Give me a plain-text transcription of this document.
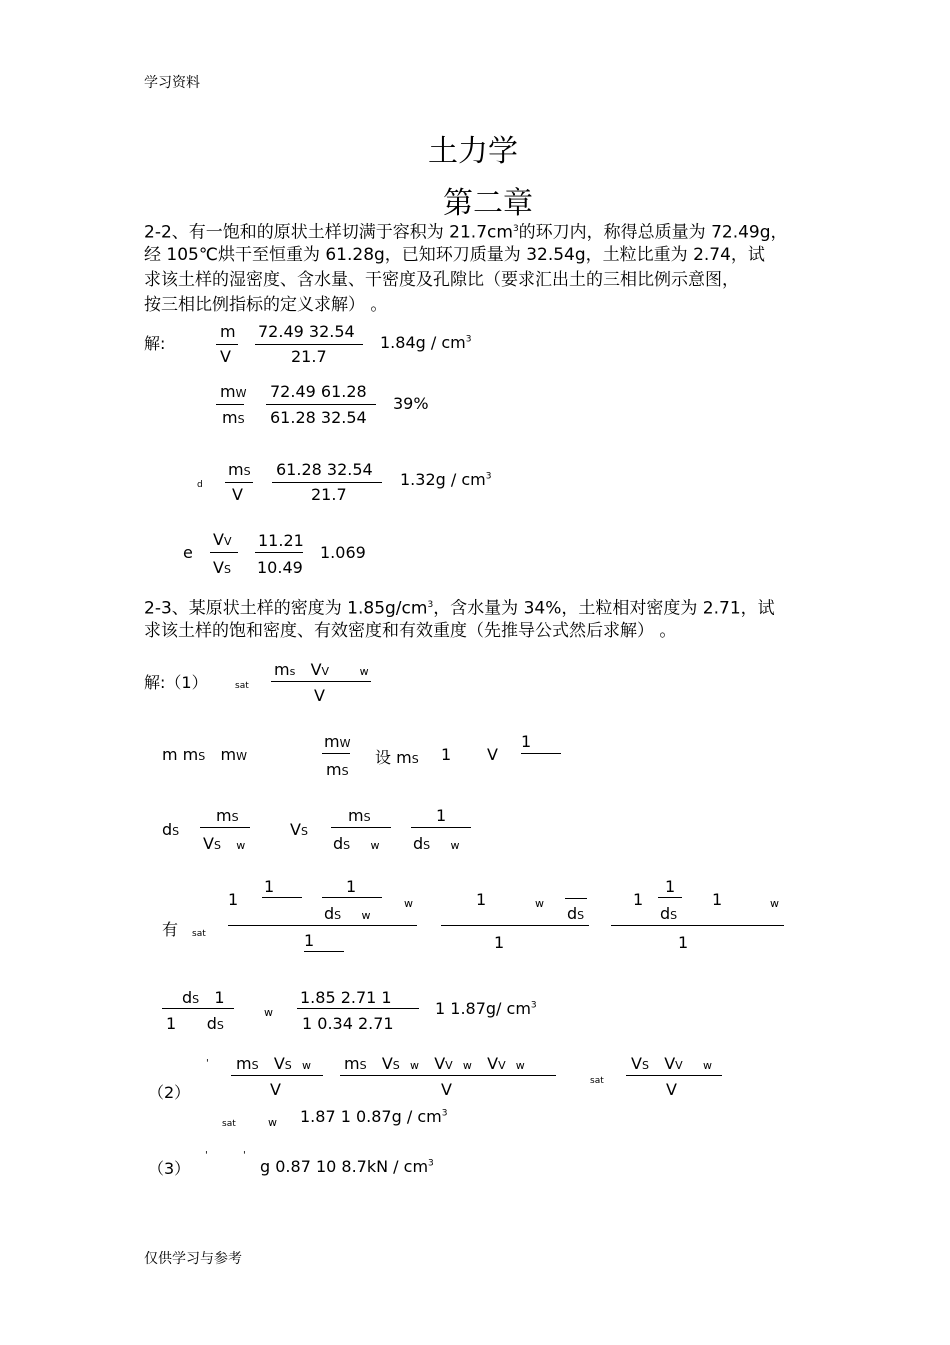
学习资料
仅供学习与参考
土力学
第二章
2-2、有一饱和的原状土样切满于容积为 $21.7cm^3$的环刀内，称得总质量为 72.49g，
经 105℃烘干至恒重为 61.28g，已知环刀质量为 32.54g，土粒比重为 2.74，试
求该土样的湿密度、含水量、干密度及孔隙比（要求汇出土的三相比例示意图，
按三相比例指标的定义求解） 。
解:
m
V
72.49 32.54
21.7
$1.84g / cm^3$
mW
mS
72.49 61.28
61.28 32.54
39%
d
mS
V
61.28 32.54
21.7
$1.32g / cm^3$
e
VV
VS
11.21
10.49
1.069
2-3、某原状土样的密度为 $1.85g/cm^3$，含水量为 34%，土粒相对密度为 2.71，试
求该土样的饱和密度、有效密度和有效重度（先推导公式然后求解） 。
解:（1）	sat
ms VV	w
V
m mS mW
mW
mS
设 mS 1 V
1
dS
mS
VS w
VS
mS
dS w
1
dS w
有 sat
1
1	1
dS w
w
1
1	w
dS
1
1
1
dS
1	w
1
dS 1
1 dS
w
1.85 2.71 1
1 0.34 2.71
1 1.87g/ $cm^3$
（2）
' mS VS w
V
mS VS w VV w VV w
V	sat
VS VV w
V
sat	w 1.87 1 $0.87g / cm^3$
（3）
'	'
g 0.87 10 $8.7kN / cm^3$
